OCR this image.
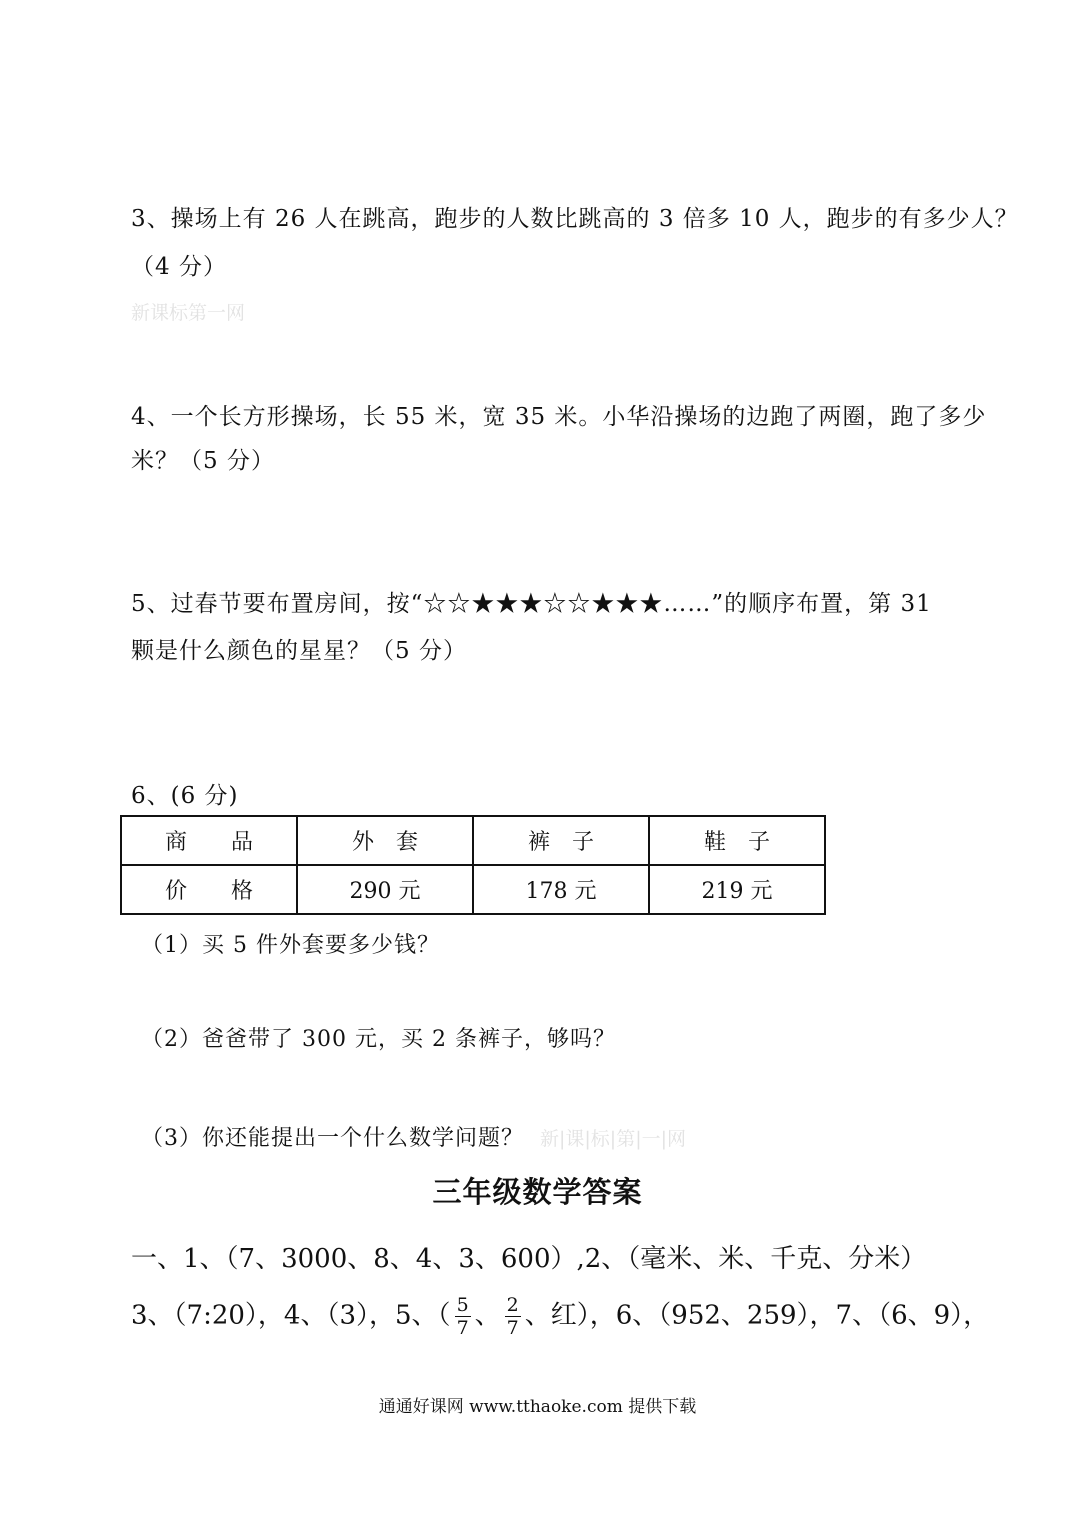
3、操场上有 26 人在跳高，跑步的人数比跳高的 3 倍多 10 人，跑步的有多少人？
（4 分）
新课标第一网
4、一个长方形操场，长 55 米，宽 35 米。小华沿操场的边跑了两圈，跑了多少
米？（5 分）
5、过春节要布置房间，按“☆☆★★★☆☆★★★……”的顺序布置，第 31
颗是什么颜色的星星？（5 分）
6、(6 分)
商　　品	外　套	裤　子	鞋　子
价　　格	290 元	178 元	219 元
（1）买 5 件外套要多少钱？
（2）爸爸带了 300 元，买 2 条裤子，够吗？
（3）你还能提出一个什么数学问题？ 新|课|标|第|一|网
三年级数学答案
一、1、（7、3000、8、4、3、600）,2、（毫米、米、千克、分米）
3、（7:20），4、（3），5、（ $\frac{5}{7}$ 、 $\frac{2}{7}$ 、红），6、（952、259），7、（6、9），
通通好课网 www.tthaoke.com 提供下载
